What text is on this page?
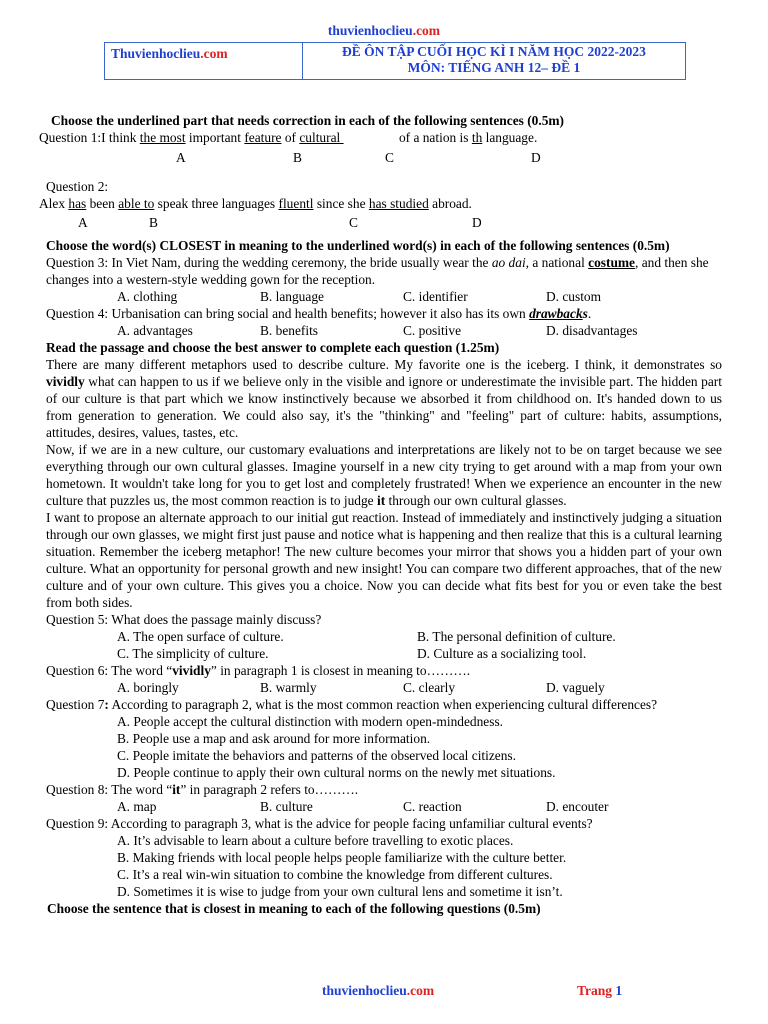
thuvienhoclieu.com
Thuvienhoclieu.com	ĐỀ ÔN TẬP CUỐI HỌC KÌ I NĂM HỌC 2022-2023
MÔN: TIẾNG ANH 12– ĐỀ 1
Choose the underlined part that needs correction in each of the following sentences (0.5m)
Question 1:I think the most important feature of cultural	of a nation is th language.
A	B	C	D
Question 2:
Alex has been able to speak three languages fluentl since she has studied abroad.
A	B	C	D
Choose the word(s) CLOSEST in meaning to the underlined word(s) in each of the following sentences (0.5m)
Question 3: In Viet Nam, during the wedding ceremony, the bride usually wear the ao dai, a national costume, and then she changes into a western-style wedding gown for the reception.
A. clothing	B. language	C. identifier	D. custom
Question 4: Urbanisation can bring social and health benefits; however it also has its own drawbacks.
A. advantages	B. benefits	C. positive	D. disadvantages
Read the passage and choose the best answer to complete each question (1.25m)
There are many different metaphors used to describe culture. My favorite one is the iceberg. I think, it demonstrates so vividly what can happen to us if we believe only in the visible and ignore or underestimate the invisible part. The hidden part of our culture is that part which we know instinctively because we absorbed it from childhood on. It's handed down to us from generation to generation. We could also say, it's the "thinking" and "feeling" part of culture: habits, assumptions, attitudes, desires, values, tastes, etc.
Now, if we are in a new culture, our customary evaluations and interpretations are likely not to be on target because we see everything through our own cultural glasses. Imagine yourself in a new city trying to get around with a map from your own hometown. It wouldn't take long for you to get lost and completely frustrated! When we experience an encounter in the new culture that puzzles us, the most common reaction is to judge it through our own cultural glasses.
I want to propose an alternate approach to our initial gut reaction. Instead of immediately and instinctively judging a situation through our own glasses, we might first just pause and notice what is happening and then realize that this is a cultural learning situation. Remember the iceberg metaphor! The new culture becomes your mirror that shows you a hidden part of your own culture. What an opportunity for personal growth and new insight! You can compare two different approaches, that of the new culture and of your own culture. This gives you a choice. Now you can decide what fits best for you or even take the best from both sides.
Question 5: What does the passage mainly discuss?
A. The open surface of culture.	B. The personal definition of culture.
C. The simplicity of culture.	D. Culture as a socializing tool.
Question 6: The word “vividly” in paragraph 1 is closest in meaning to……….
A. boringly	B. warmly	C. clearly	D. vaguely
Question 7: According to paragraph 2, what is the most common reaction when experiencing cultural differences?
A. People accept the cultural distinction with modern open-mindedness.
B. People use a map and ask around for more information.
C. People imitate the behaviors and patterns of the observed local citizens.
D. People continue to apply their own cultural norms on the newly met situations.
Question 8: The word “it” in paragraph 2 refers to……….
A. map	B. culture	C. reaction	D. encouter
Question 9: According to paragraph 3, what is the advice for people facing unfamiliar cultural events?
A. It’s advisable to learn about a culture before travelling to exotic places.
B. Making friends with local people helps people familiarize with the culture better.
C. It’s a real win-win situation to combine the knowledge from different cultures.
D. Sometimes it is wise to judge from your own cultural lens and sometime it isn’t.
Choose the sentence that is closest in meaning to each of the following questions (0.5m)
thuvienhoclieu.com	Trang 1
